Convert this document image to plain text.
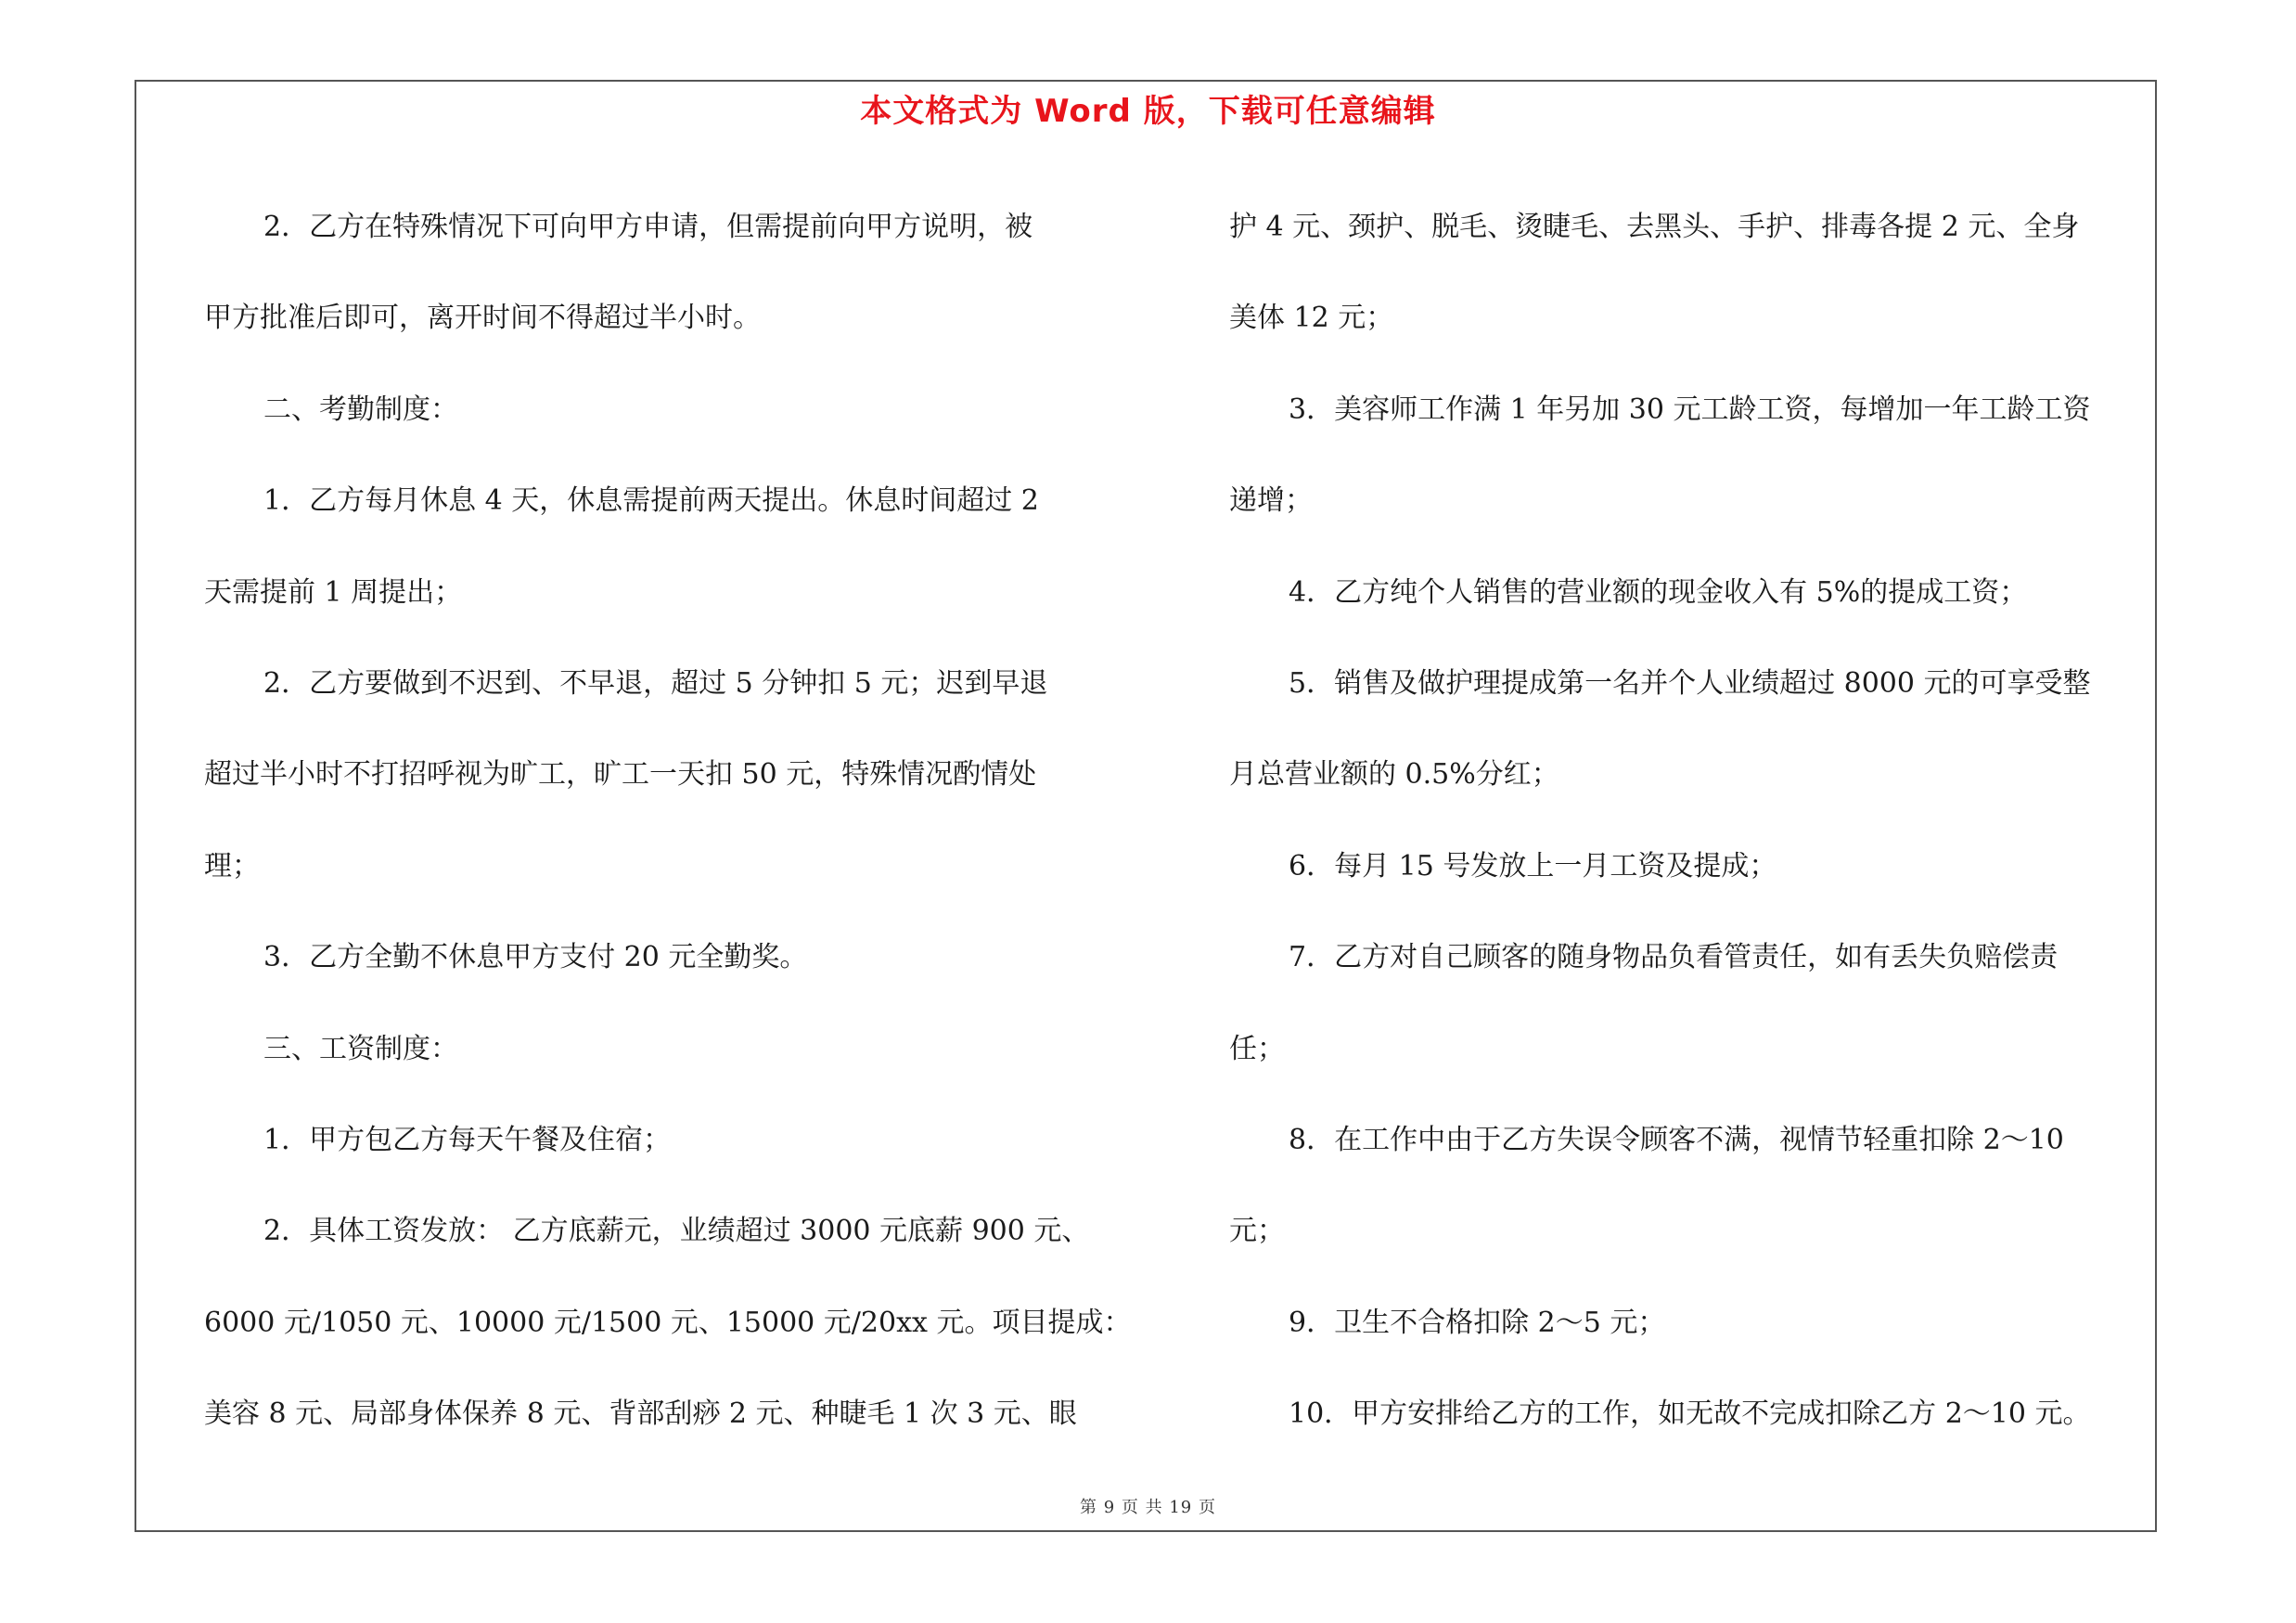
本文格式为 Word 版，下载可任意编辑

2．乙方在特殊情况下可向甲方申请，但需提前向甲方说明，被

甲方批准后即可，离开时间不得超过半小时。

二、考勤制度：

1．乙方每月休息 4 天，休息需提前两天提出。休息时间超过 2

天需提前 1 周提出；

2．乙方要做到不迟到、不早退，超过 5 分钟扣 5 元；迟到早退

超过半小时不打招呼视为旷工，旷工一天扣 50 元，特殊情况酌情处

理；

3．乙方全勤不休息甲方支付 20 元全勤奖。

三、工资制度：

1．甲方包乙方每天午餐及住宿；

2．具体工资发放： 乙方底薪元，业绩超过 3000 元底薪 900 元、

6000 元/1050 元、10000 元/1500 元、15000 元/20xx 元。项目提成：

美容 8 元、局部身体保养 8 元、背部刮痧 2 元、种睫毛 1 次 3 元、眼

护 4 元、颈护、脱毛、烫睫毛、去黑头、手护、排毒各提 2 元、全身

美体 12 元；

3．美容师工作满 1 年另加 30 元工龄工资，每增加一年工龄工资

递增；

4．乙方纯个人销售的营业额的现金收入有 5%的提成工资；

5．销售及做护理提成第一名并个人业绩超过 8000 元的可享受整

月总营业额的 0.5%分红；

6．每月 15 号发放上一月工资及提成；

7．乙方对自己顾客的随身物品负看管责任，如有丢失负赔偿责

任；

8．在工作中由于乙方失误令顾客不满，视情节轻重扣除 2～10

元；

9．卫生不合格扣除 2～5 元；

10．甲方安排给乙方的工作，如无故不完成扣除乙方 2～10 元。

第 9 页 共 19 页
